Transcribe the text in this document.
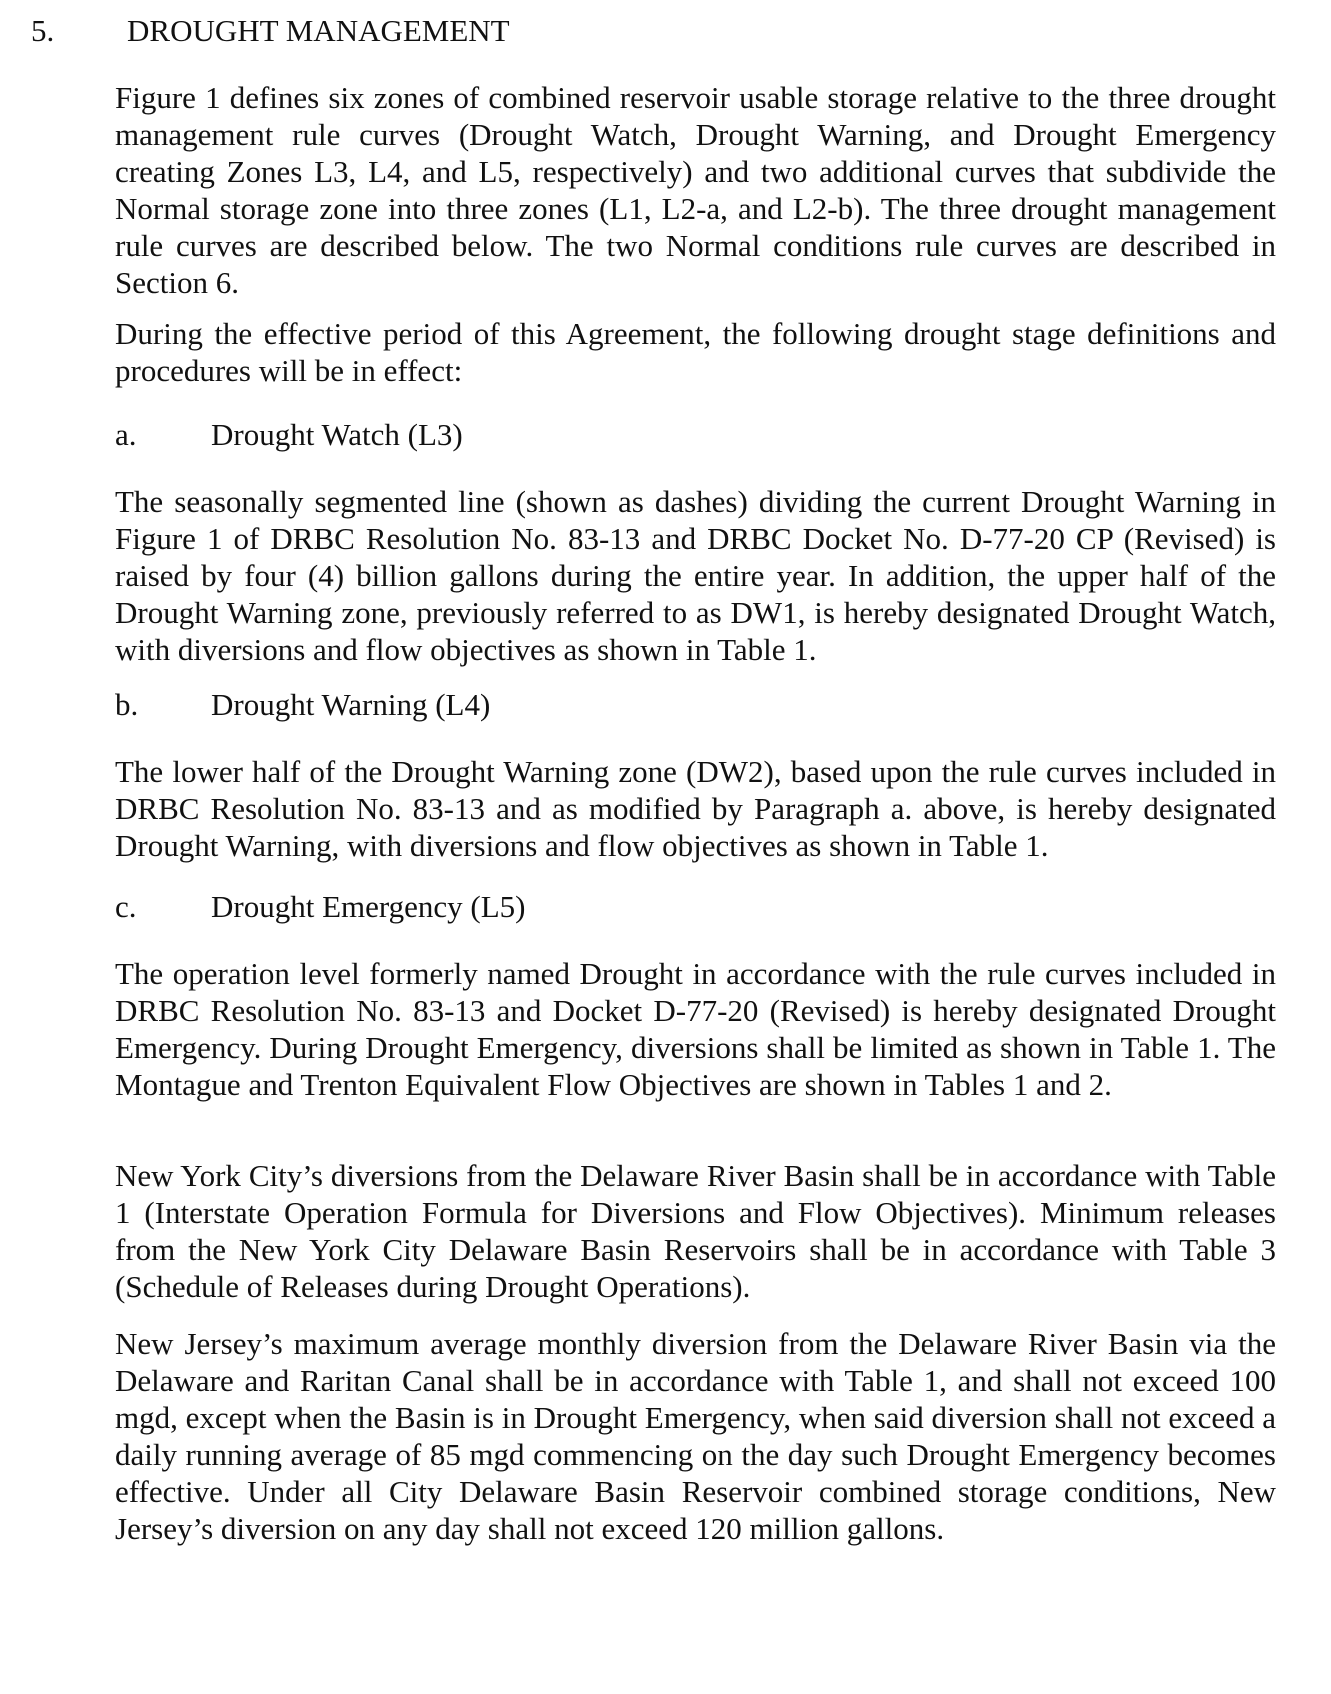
5. DROUGHT MANAGEMENT

Figure 1 defines six zones of combined reservoir usable storage relative to the three drought management rule curves (Drought Watch, Drought Warning, and Drought Emergency creating Zones L3, L4, and L5, respectively) and two additional curves that subdivide the Normal storage zone into three zones (L1, L2-a, and L2-b). The three drought management rule curves are described below. The two Normal conditions rule curves are described in Section 6.

During the effective period of this Agreement, the following drought stage definitions and procedures will be in effect:

a. Drought Watch (L3)

The seasonally segmented line (shown as dashes) dividing the current Drought Warning in Figure 1 of DRBC Resolution No. 83-13 and DRBC Docket No. D-77-20 CP (Revised) is raised by four (4) billion gallons during the entire year. In addition, the upper half of the Drought Warning zone, previously referred to as DW1, is hereby designated Drought Watch, with diversions and flow objectives as shown in Table 1.

b. Drought Warning (L4)

The lower half of the Drought Warning zone (DW2), based upon the rule curves included in DRBC Resolution No. 83-13 and as modified by Paragraph a. above, is hereby designated Drought Warning, with diversions and flow objectives as shown in Table 1.

c. Drought Emergency (L5)

The operation level formerly named Drought in accordance with the rule curves included in DRBC Resolution No. 83-13 and Docket D-77-20 (Revised) is hereby designated Drought Emergency. During Drought Emergency, diversions shall be limited as shown in Table 1. The Montague and Trenton Equivalent Flow Objectives are shown in Tables 1 and 2.

New York City’s diversions from the Delaware River Basin shall be in accordance with Table 1 (Interstate Operation Formula for Diversions and Flow Objectives). Minimum releases from the New York City Delaware Basin Reservoirs shall be in accordance with Table 3 (Schedule of Releases during Drought Operations).

New Jersey’s maximum average monthly diversion from the Delaware River Basin via the Delaware and Raritan Canal shall be in accordance with Table 1, and shall not exceed 100 mgd, except when the Basin is in Drought Emergency, when said diversion shall not exceed a daily running average of 85 mgd commencing on the day such Drought Emergency becomes effective. Under all City Delaware Basin Reservoir combined storage conditions, New Jersey’s diversion on any day shall not exceed 120 million gallons.
